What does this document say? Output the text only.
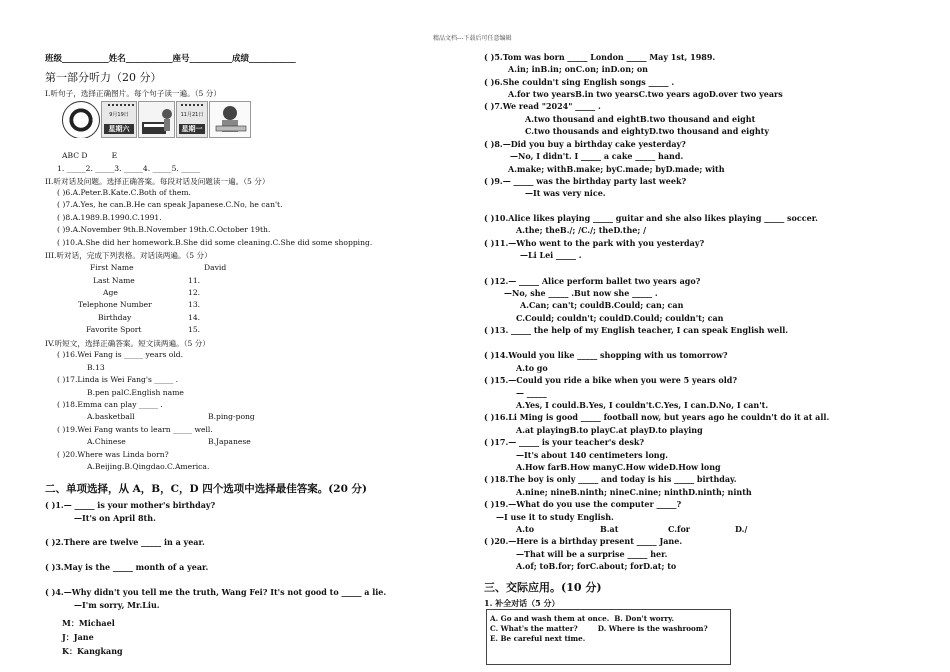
精品文档---下载后可任意编辑
班级___________姓名___________座号__________成绩___________
第一部分听力（20 分）
I.听句子，选择正确图片。每个句子读一遍。（5 分）
9月19日
星期六
11月21日
星期一
ABC D          E
1. _____2. _____3. _____4. _____5. _____
II.听对话及问题。选择正确答案。每段对话及问题读一遍。（5 分）
( )6.A.Peter.B.Kate.C.Both of them.
( )7.A.Yes, he can.B.He can speak Japanese.C.No, he can't.
( )8.A.1989.B.1990.C.1991.
( )9.A.November 9th.B.November 19th.C.October 19th.
( )10.A.She did her homework.B.She did some cleaning.C.She did some shopping.
III.听对话，完成下列表格。对话读两遍。（5 分）
First Name	David
Last Name	11.
Age	12.
Telephone Number	13.
Birthday	14.
Favorite Sport	15.
IV.听短文，选择正确答案。短文读两遍。（5 分）
( )16.Wei Fang is _____ years old.
B.13
( )17.Linda is Wei Fang's _____ .
B.pen palC.English name
( )18.Emma can play _____ .
A.basketball	B.ping-pong
( )19.Wei Fang wants to learn _____ well.
A.Chinese	B.Japanese
( )20.Where was Linda born?
A.Beijing.B.Qingdao.C.America.
二、单项选择，从 A，B，C，D 四个选项中选择最佳答案。(20 分)
( )1.— _____ is your mother's birthday?
—It's on April 8th.
( )2.There are twelve _____ in a year.
( )3.May is the _____ month of a year.
( )4.—Why didn't you tell me the truth, Wang Fei? It's not good to _____ a lie.
—I'm sorry, Mr.Liu.
M：Michael
J：Jane
K：Kangkang
( )5.Tom was born _____ London _____ May 1st, 1989.
A.in; inB.in; onC.on; inD.on; on
( )6.She couldn't sing English songs _____ .
A.for two yearsB.in two yearsC.two years agoD.over two years
( )7.We read "2024" _____ .
A.two thousand and eightB.two thousand and eight
C.two thousands and eightyD.two thousand and eighty
( )8.—Did you buy a birthday cake yesterday?
—No, I didn't. I _____ a cake _____ hand.
A.make; withB.make; byC.made; byD.made; with
( )9.— _____ was the birthday party last week?
—It was very nice.
( )10.Alice likes playing _____ guitar and she also likes playing _____ soccer.
A.the; theB./; /C./; theD.the; /
( )11.—Who went to the park with you yesterday?
—Li Lei _____ .
( )12.— _____ Alice perform ballet two years ago?
—No, she _____ .But now she _____ .
A.Can; can't; couldB.Could; can; can
C.Could; couldn't; couldD.Could; couldn't; can
( )13. _____ the help of my English teacher, I can speak English well.
( )14.Would you like _____ shopping with us tomorrow?
A.to go
( )15.—Could you ride a bike when you were 5 years old?
— _____
A.Yes, I could.B.Yes, I couldn't.C.Yes, I can.D.No, I can't.
( )16.Li Ming is good _____ football now, but years ago he couldn't do it at all.
A.at playingB.to playC.at playD.to playing
( )17.— _____ is your teacher's desk?
—It's about 140 centimeters long.
A.How farB.How manyC.How wideD.How long
( )18.The boy is only _____ and today is his _____ birthday.
A.nine; nineB.ninth; nineC.nine; ninthD.ninth; ninth
( )19.—What do you use the computer _____?
—I use it to study English.
A.to	B.at	C.for	D./
( )20.—Here is a birthday present _____ Jane.
—That will be a surprise _____ her.
A.of; toB.for; forC.about; forD.at; to
三、交际应用。(10 分)
1. 补全对话（5 分）
A. Go and wash them at once.  B. Don't worry.
C. What's the matter?        D. Where is the washroom?
E. Be careful next time.
